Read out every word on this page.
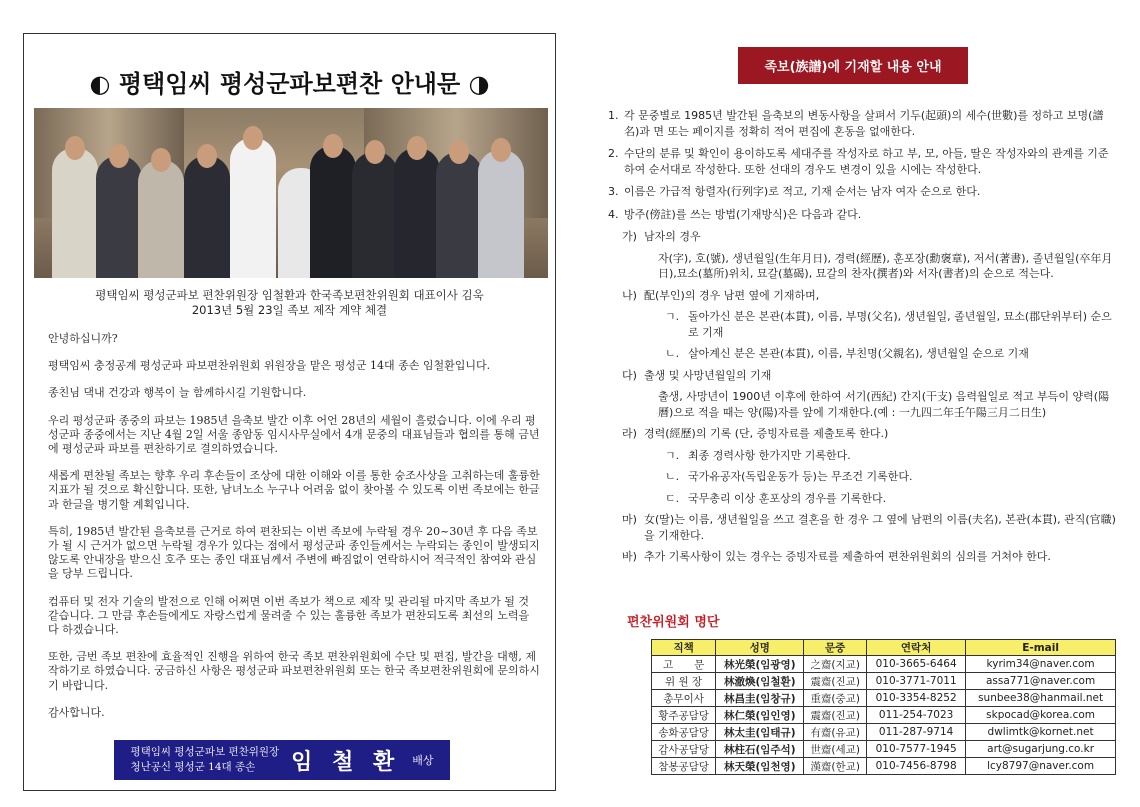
◐ 평택임씨 평성군파보편찬 안내문 ◑
평택임씨 평성군파보 편찬위원장 임철환과 한국족보편찬위원회 대표이사 김욱
2013년 5월 23일 족보 제작 계약 체결

안녕하십니까?

평택임씨 충정공계 평성군파 파보편찬위원회 위원장을 맡은 평성군 14대 종손 임철환입니다.

종친님 댁내 건강과 행복이 늘 함께하시길 기원합니다.

우리 평성군파 종중의 파보는 1985년 을축보 발간 이후 어언 28년의 세월이 흘렀습니다. 이에 우리 평성군파 종중에서는 지난 4월 2일 서울 종암동 임시사무실에서 4개 문중의 대표님들과 협의를 통해 금년에 평성군파 파보를 편찬하기로 결의하였습니다.

새롭게 편찬될 족보는 향후 우리 후손들이 조상에 대한 이해와 이를 통한 숭조사상을 고취하는데 훌륭한 지표가 될 것으로 확신합니다. 또한, 남녀노소 누구나 어려움 없이 찾아볼 수 있도록 이번 족보에는 한글과 한글을 병기할 계획입니다.

특히, 1985년 발간된 을축보를 근거로 하여 편찬되는 이번 족보에 누락될 경우 20~30년 후 다음 족보가 될 시 근거가 없으면 누락될 경우가 있다는 점에서 평성군파 종인들께서는 누락되는 종인이 발생되지 않도록 안내장을 받으신 호주 또는 종인 대표님께서 주변에 빠짐없이 연락하시어 적극적인 참여와 관심을 당부 드립니다.

컴퓨터 및 전자 기술의 발전으로 인해 어쩌면 이번 족보가 책으로 제작 및 관리될 마지막 족보가 될 것 같습니다. 그 만큼 후손들에게도 자랑스럽게 물려줄 수 있는 훌륭한 족보가 편찬되도록 최선의 노력을 다 하겠습니다.

또한, 금번 족보 편찬에 효율적인 진행을 위하여 한국 족보 편찬위원회에 수단 및 편집, 발간을 대행, 제작하기로 하였습니다. 궁금하신 사항은 평성군파 파보편찬위원회 또는 한국 족보편찬위원회에 문의하시기 바랍니다.

감사합니다.

평택임씨 평성군파보 편찬위원장
청난공신 평성군 14대 종손	임 철 환 배상
족보(族譜)에 기재할 내용 안내
1. 각 문중별로 1985년 발간된 을축보의 변동사항을 살펴서 기두(起頭)의 세수(世數)를 정하고 보명(譜名)과 면 또는 페이지를 정확히 적어 편집에 혼동을 없애한다.
2. 수단의 분류 및 확인이 용이하도록 세대주를 작성자로 하고 부, 모, 아들, 딸은 작성자와의 관계를 기준하여 순서대로 작성한다. 또한 선대의 경우도 변경이 있을 시에는 작성한다.
3. 이름은 가급적 항렬자(行列字)로 적고, 기재 순서는 남자 여자 순으로 한다.
4. 방주(傍註)를 쓰는 방법(기재방식)은 다음과 같다.
가) 남자의 경우
자(字), 호(號), 생년월일(生年月日), 경력(經歷), 훈포장(勳褒章), 저서(著書), 졸년월일(卒年月日),묘소(墓所)위치, 묘갈(墓碣), 묘갈의 찬자(撰者)와 서자(書者)의 순으로 적는다.
나) 配(부인)의 경우 남편 옆에 기재하며,
ㄱ. 돌아가신 분은 본관(本貫), 이름, 부명(父名), 생년월일, 졸년월일, 묘소(郡단위부터) 순으로 기재
ㄴ. 살아계신 분은 본관(本貫), 이름, 부친명(父親名), 생년월일 순으로 기재
다) 출생 및 사망년월일의 기재
출생, 사망년이 1900년 이후에 한하여 서기(西紀) 간지(干支) 음력월일로 적고 부득이 양력(陽曆)으로 적을 때는 양(陽)자를 앞에 기재한다.(예 : 一九四二年壬午陽三月二日生)
라) 경력(經歷)의 기록 (단, 증빙자료를 제출토록 한다.)
ㄱ. 최종 경력사항 한가지만 기록한다.
ㄴ. 국가유공자(독립운동가 등)는 무조건 기록한다.
ㄷ. 국무총리 이상 훈포상의 경우를 기록한다.
마) 女(딸)는 이름, 생년월일을 쓰고 결혼을 한 경우 그 옆에 남편의 이름(夫名), 본관(本貫), 관직(官職)을 기재한다.
바) 추가 기록사항이 있는 경우는 증빙자료를 제출하여 편찬위원회의 심의를 거쳐야 한다.
편찬위원회 명단
직책	성명	문중	연락처	E-mail
고　　문	林光榮(임광영)	之齋(지교)	010-3665-6464	kyrim34@naver.com
위 원 장	林澈煥(임철환)	震齋(진교)	010-3771-7011	assa771@naver.com
총무이사	林昌圭(임창규)	重齋(중교)	010-3354-8252	sunbee38@hanmail.net
황주공담당	林仁榮(임인영)	震齋(진교)	011-254-7023	skpocad@korea.com
송화공담당	林太圭(임태규)	有齋(유교)	011-287-9714	dwlimtk@kornet.net
감사공담당	林柱石(임주석)	世齋(세교)	010-7577-1945	art@sugarjung.co.kr
참봉공담당	林天榮(임천영)	漢齋(한교)	010-7456-8798	lcy8797@naver.com
